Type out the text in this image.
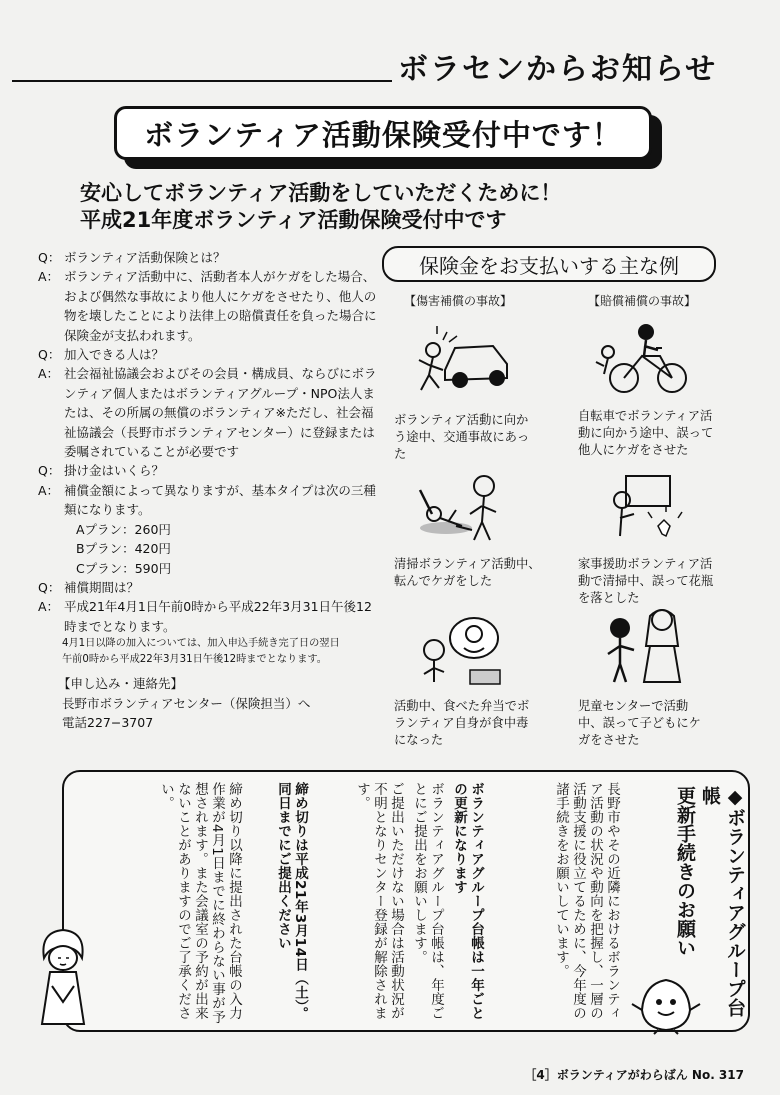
ボラセンからお知らせ
ボランティア活動保険受付中です！
安心してボランティア活動をしていただくために！
平成21年度ボランティア活動保険受付中です
Q： ボランティア活動保険とは？
A： ボランティア活動中に、活動者本人がケガをした場合、および偶然な事故により他人にケガをさせたり、他人の物を壊したことにより法律上の賠償責任を負った場合に保険金が支払われます。
Q： 加入できる人は？
A： 社会福祉協議会およびその会員・構成員、ならびにボランティア個人またはボランティアグループ・NPO法人または、その所属の無償のボランティア※ただし、社会福祉協議会（長野市ボランティアセンター）に登録または委嘱されていることが必要です
Q： 掛け金はいくら？
A： 補償金額によって異なりますが、基本タイプは次の三種類になります。
Aプラン：260円
Bプラン：420円
Cプラン：590円
Q： 補償期間は？
A： 平成21年4月1日午前0時から平成22年3月31日午後12時までとなります。
4月1日以降の加入については、加入申込手続き完了日の翌日
午前0時から平成22年3月31日午後12時までとなります。
【申し込み・連絡先】
長野市ボランティアセンター（保険担当）へ
電話227−3707
保険金をお支払いする主な例
【傷害補償の事故】	【賠償補償の事故】
ボランティア活動に向かう途中、交通事故にあった
自転車でボランティア活動に向かう途中、誤って他人にケガをさせた
清掃ボランティア活動中、転んでケガをした
家事援助ボランティア活動で清掃中、誤って花瓶を落とした
活動中、食べた弁当でボランティア自身が食中毒になった
児童センターで活動中、誤って子どもにケガをさせた
◆ボランティアグループ台帳
更新手続きのお願い
長野市やその近隣におけるボランティア活動の状況や動向を把握し、一層の活動支援に役立てるために、今年度の諸手続きをお願いしています。
ボランティアグループ台帳は一年ごとの更新になります
ボランティアグループ台帳は、年度ごとにご提出をお願いします。
ご提出いただけない場合は活動状況が不明となりセンター登録が解除されます。
締め切りは平成21年3月14日（土）。同日までにご提出ください
締め切り以降に提出された台帳の入力作業が4月1日までに終わらない事が予想されます。また会議室の予約が出来ないことがありますのでご了承ください。
［4］ボランティアがわらばん No. 317
